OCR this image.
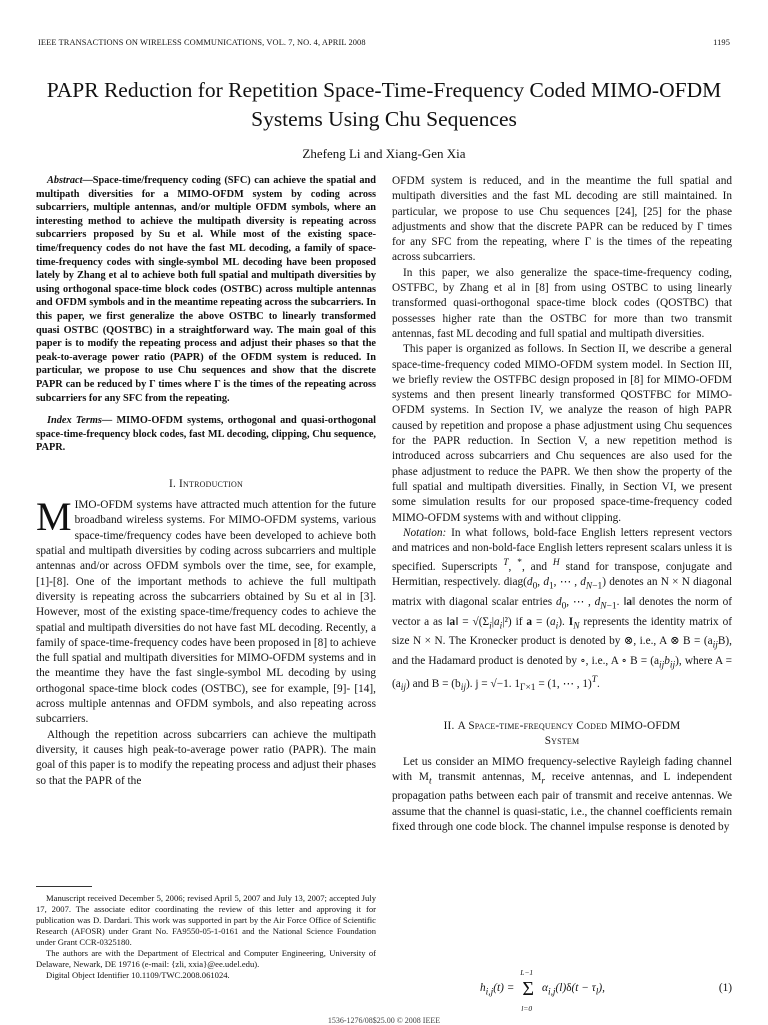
IEEE TRANSACTIONS ON WIRELESS COMMUNICATIONS, VOL. 7, NO. 4, APRIL 2008	1195
PAPR Reduction for Repetition Space-Time-Frequency Coded MIMO-OFDM Systems Using Chu Sequences
Zhefeng Li and Xiang-Gen Xia

Abstract—Space-time/frequency coding (SFC) can achieve the spatial and multipath diversities for a MIMO-OFDM system by coding across subcarriers, multiple antennas, and/or multiple OFDM symbols, where an interesting method to achieve the multipath diversity is repeating across subcarriers proposed by Su et al. While most of the existing space-time/frequency codes do not have the fast ML decoding, a family of space-time-frequency codes with single-symbol ML decoding have been proposed lately by Zhang et al to achieve both full spatial and multipath diversities by using orthogonal space-time block codes (OSTBC) across multiple antennas and OFDM symbols and in the meantime repeating across the subcarriers. In this paper, we first generalize the above OSTBC to linearly transformed quasi OSTBC (QOSTBC) in a straightforward way. The main goal of this paper is to modify the repeating process and adjust their phases so that the peak-to-average power ratio (PAPR) of the OFDM system is reduced. In particular, we propose to use Chu sequences and show that the discrete PAPR can be reduced by Γ times where Γ is the times of the repeating across subcarriers for any SFC from the repeating.

Index Terms— MIMO-OFDM systems, orthogonal and quasi-orthogonal space-time-frequency block codes, fast ML decoding, clipping, Chu sequence, PAPR.

I. Introduction

MIMO-OFDM systems have attracted much attention for the future broadband wireless systems. For MIMO-OFDM systems, various space-time/frequency codes have been developed to achieve both spatial and multipath diversities by coding across subcarriers and multiple antennas and/or across OFDM symbols over the time, see, for example, [1]-[8]. One of the important methods to achieve the full multipath diversity is repeating across the subcarriers obtained by Su et al in [3]. However, most of the existing space-time/frequency codes to achieve the spatial and multipath diversities do not have fast ML decoding. Recently, a family of space-time-frequency codes have been proposed in [8] to achieve the full spatial and multipath diversities for MIMO-OFDM systems and in the meantime they have the fast single-symbol ML decoding by using orthogonal space-time block codes (OSTBC), see for example, [9]- [14], across multiple antennas and OFDM symbols, and also repeating across subcarriers.

Although the repetition across subcarriers can achieve the multipath diversity, it causes high peak-to-average power ratio (PAPR). The main goal of this paper is to modify the repeating process and adjust their phases so that the PAPR of the

OFDM system is reduced, and in the meantime the full spatial and multipath diversities and the fast ML decoding are still maintained. In particular, we propose to use Chu sequences [24], [25] for the phase adjustments and show that the discrete PAPR can be reduced by Γ times for any SFC from the repeating, where Γ is the times of the repeating across subcarriers.

In this paper, we also generalize the space-time-frequency coding, OSTFBC, by Zhang et al in [8] from using OSTBC to using linearly transformed quasi-orthogonal space-time block codes (QOSTBC) that possesses higher rate than the OSTBC for more than two transmit antennas, fast ML decoding and full spatial and multipath diversities.

This paper is organized as follows. In Section II, we describe a general space-time-frequency coded MIMO-OFDM system model. In Section III, we briefly review the OSTFBC design proposed in [8] for MIMO-OFDM systems and then present linearly transformed QOSTFBC for MIMO-OFDM systems. In Section IV, we analyze the reason of high PAPR caused by repetition and propose a phase adjustment using Chu sequences for the PAPR reduction. In Section V, a new repetition method is introduced across subcarriers and Chu sequences are also used for the phase adjustment to reduce the PAPR. We then show the property of the full spatial and multipath diversities. Finally, in Section VI, we present some simulation results for our proposed space-time-frequency coded MIMO-OFDM systems with and without clipping.

Notation: In what follows, bold-face English letters represent vectors and matrices and non-bold-face English letters represent scalars unless it is specified. Superscripts $^T$, *, and $^H$ stand for transpose, conjugate and Hermitian, respectively. $diag(d_0$, $d_1$, ⋯ , $d_{N-1}$) denotes an N × N diagonal matrix with diagonal scalar entries $d_0$, ⋯ , $d_{N-1}$. ‖a‖ denotes the norm of vector a as ‖a‖ = $√(\Sigma_i|a_i|^2)$ if $a = (a_i)$. $I_N$ represents the identity matrix of size N × N. The Kronecker product is denoted by ⊗, i.e., A ⊗ $B = (a_{ij}B)$, and the Hadamard product is denoted by ∘, i.e., A ∘ $B = (a_{ij}b_{ij})$, where $A = (a_{ij})$ and $B = (b_{ij})$. j = √−1. $1_{\Gamma\times 1} = (1$, ⋯ , 1)$^T$.

II. A Space-time-frequency Coded MIMO-OFDM
System

Let us consider an MIMO frequency-selective Rayleigh fading channel with $M_t$ transmit antennas, $M_r$ receive antennas, and L independent propagation paths between each pair of transmit and receive antennas. We assume that the channel is quasi-static, i.e., the channel coefficients remain fixed through one code block. The channel impulse response is denoted by

$h_{i,j}(t)$ =
L−1
Σ
l=0
$\alpha_{i,j}(l)\delta(t - \tau_l)$,	(1)

Manuscript received December 5, 2006; revised April 5, 2007 and July 13, 2007; accepted July 17, 2007. The associate editor coordinating the review of this letter and approving it for publication was D. Dardari. This work was supported in part by the Air Force Office of Scientific Research (AFOSR) under Grant No. FA9550-05-1-0161 and the National Science Foundation under Grant CCR-0325180.

The authors are with the Department of Electrical and Computer Engineering, University of Delaware, Newark, DE 19716 (e-mail: {zli, xxia}@ee.udel.edu).

Digital Object Identifier 10.1109/TWC.2008.061024.

1536-1276/08$25.00 © 2008 IEEE
